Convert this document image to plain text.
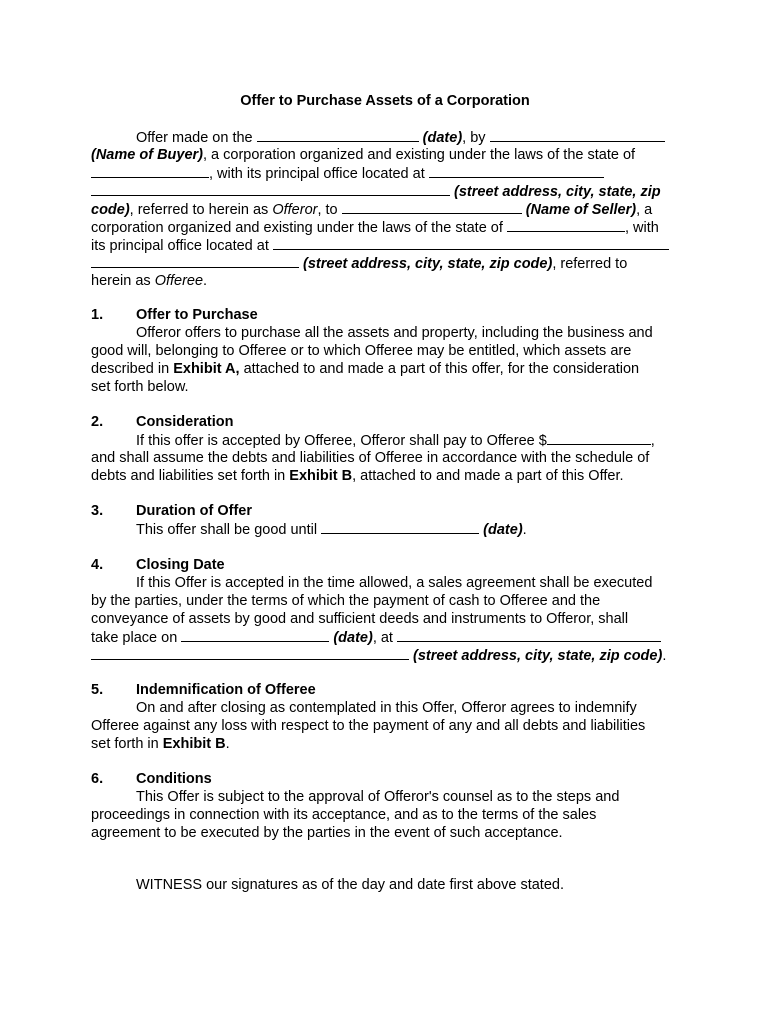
Offer to Purchase Assets of a Corporation
Offer made on the	(date), by
(Name of Buyer), a corporation organized and existing under the laws of the state of
, with its principal office located at
(street address, city, state, zip
code), referred to herein as Offeror, to	(Name of Seller), a
corporation organized and existing under the laws of the state of	, with
its principal office located at
(street address, city, state, zip code), referred to
herein as Offeree.
1. Offer to Purchase
Offeror offers to purchase all the assets and property, including the business and
good will, belonging to Offeree or to which Offeree may be entitled, which assets are
described in Exhibit A, attached to and made a part of this offer, for the consideration
set forth below.
2. Consideration
If this offer is accepted by Offeree, Offeror shall pay to Offeree $	,
and shall assume the debts and liabilities of Offeree in accordance with the schedule of
debts and liabilities set forth in Exhibit B, attached to and made a part of this Offer.
3. Duration of Offer
This offer shall be good until	(date).
4. Closing Date
If this Offer is accepted in the time allowed, a sales agreement shall be executed
by the parties, under the terms of which the payment of cash to Offeree and the
conveyance of assets by good and sufficient deeds and instruments to Offeror, shall
take place on	(date), at
(street address, city, state, zip code).
5. Indemnification of Offeree
On and after closing as contemplated in this Offer, Offeror agrees to indemnify
Offeree against any loss with respect to the payment of any and all debts and liabilities
set forth in Exhibit B.
6. Conditions
This Offer is subject to the approval of Offeror's counsel as to the steps and
proceedings in connection with its acceptance, and as to the terms of the sales
agreement to be executed by the parties in the event of such acceptance.
WITNESS our signatures as of the day and date first above stated.
